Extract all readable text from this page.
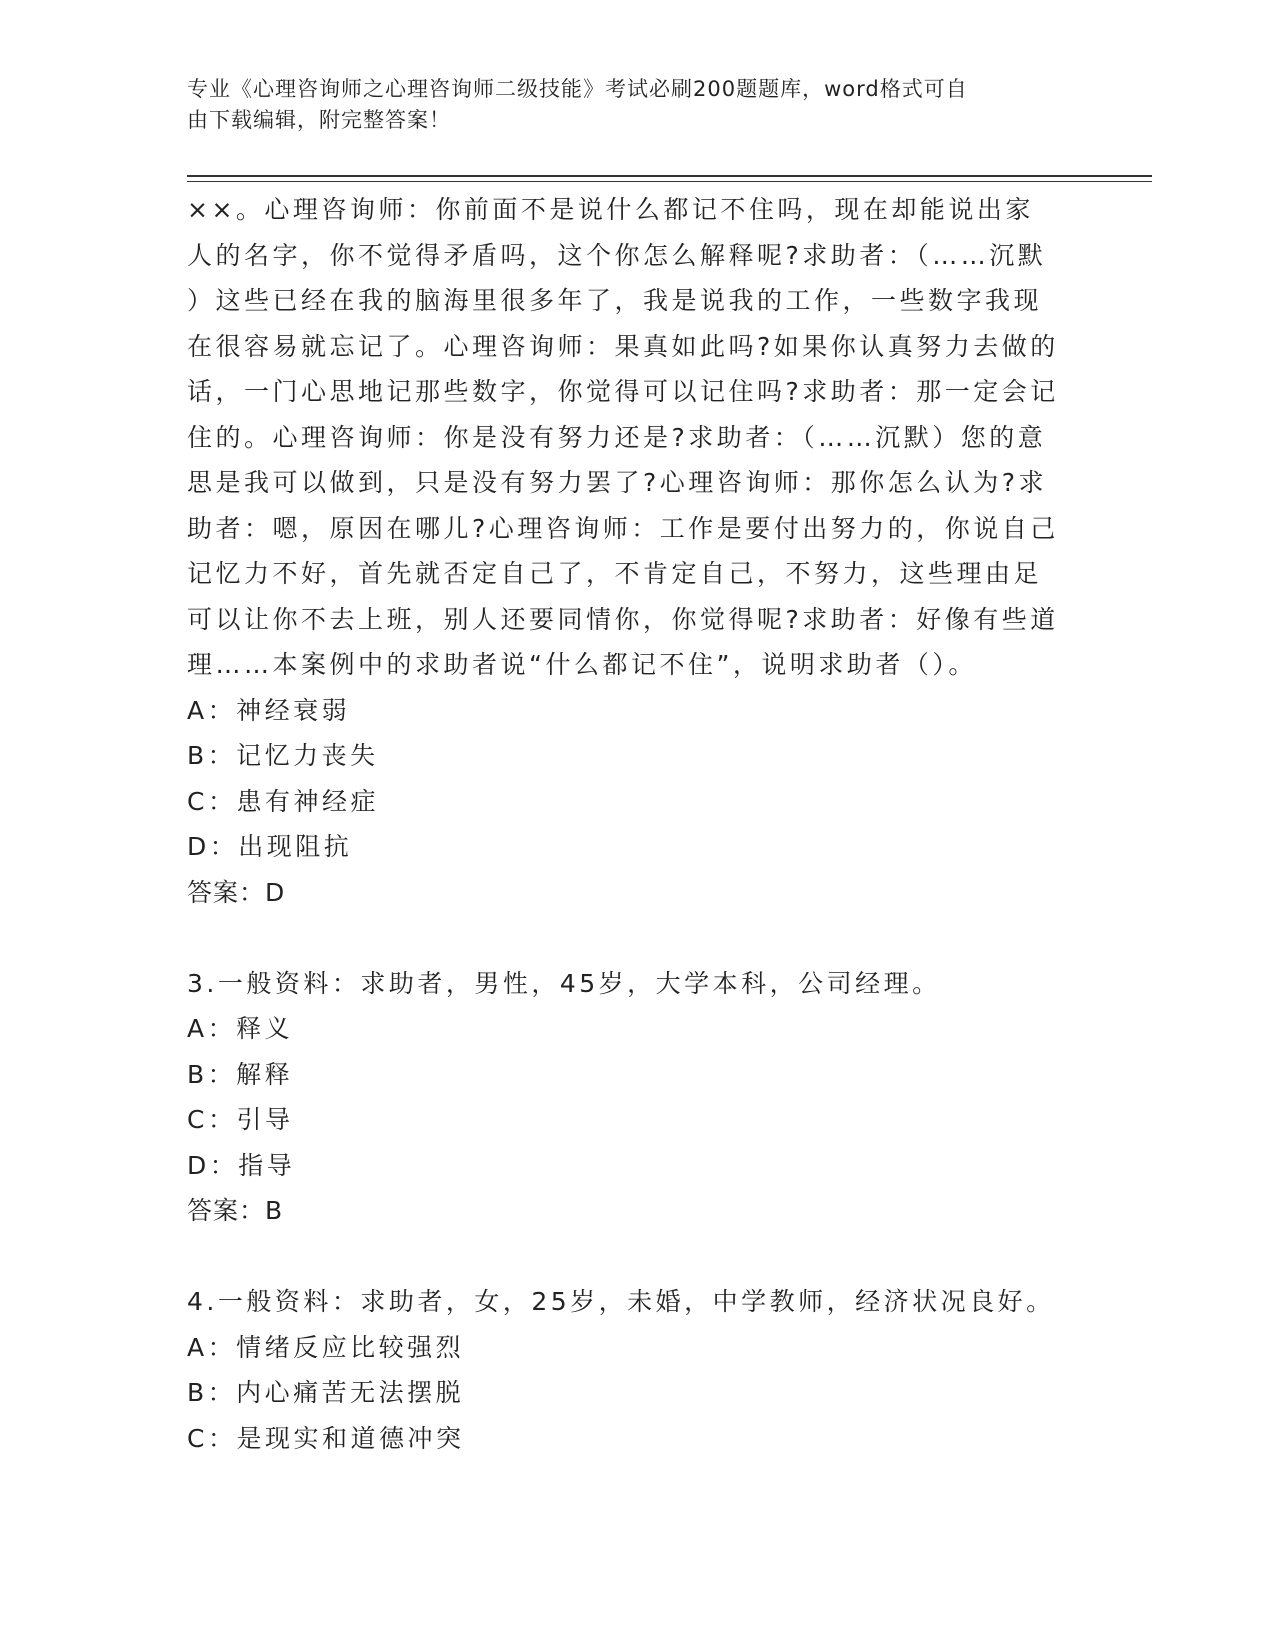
专业《心理咨询师之心理咨询师二级技能》考试必刷200题题库，word格式可自
由下载编辑，附完整答案！
××。心理咨询师：你前面不是说什么都记不住吗，现在却能说出家
人的名字，你不觉得矛盾吗，这个你怎么解释呢?求助者：（……沉默
）这些已经在我的脑海里很多年了，我是说我的工作，一些数字我现
在很容易就忘记了。心理咨询师：果真如此吗?如果你认真努力去做的
话，一门心思地记那些数字，你觉得可以记住吗?求助者：那一定会记
住的。心理咨询师：你是没有努力还是?求助者：（……沉默）您的意
思是我可以做到，只是没有努力罢了?心理咨询师：那你怎么认为?求
助者：嗯，原因在哪儿?心理咨询师：工作是要付出努力的，你说自己
记忆力不好，首先就否定自己了，不肯定自己，不努力，这些理由足
可以让你不去上班，别人还要同情你，你觉得呢?求助者：好像有些道
理……本案例中的求助者说“什么都记不住”，说明求助者（）。
A：神经衰弱
B：记忆力丧失
C：患有神经症
D：出现阻抗
答案：D
3.一般资料：求助者，男性，45岁，大学本科，公司经理。
A：释义
B：解释
C：引导
D：指导
答案：B
4.一般资料：求助者，女，25岁，未婚，中学教师，经济状况良好。
A：情绪反应比较强烈
B：内心痛苦无法摆脱
C：是现实和道德冲突
